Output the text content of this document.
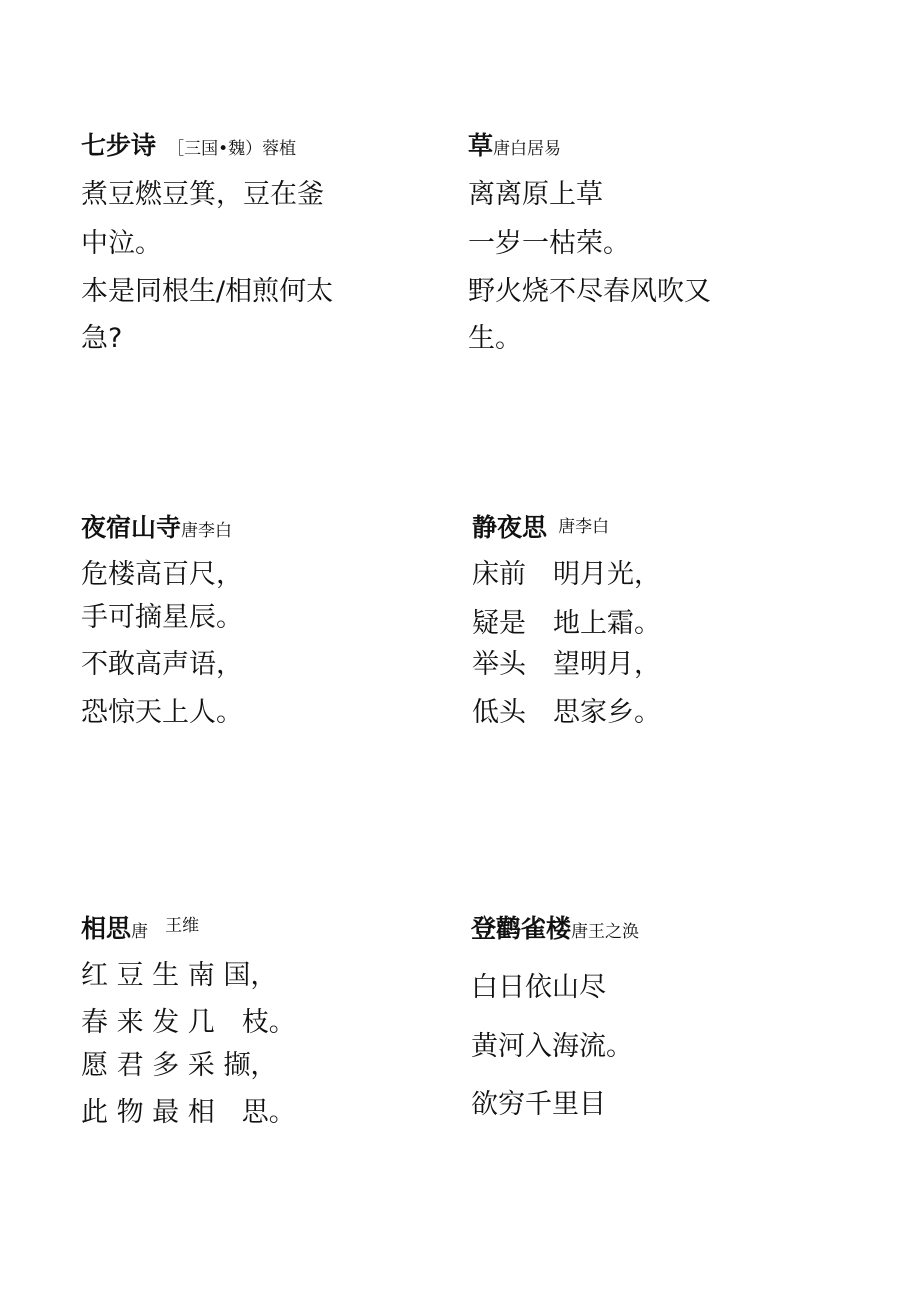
七步诗 ［三国•魏）蓉植
煮豆燃豆箕，豆在釜
中泣。
本是同根生/相煎何太
急?
草唐白居易
离离原上草
一岁一枯荣。
野火烧不尽春风吹又
生。
夜宿山寺唐李白
危楼高百尺，
手可摘星辰。
不敢高声语，
恐惊天上人。
静夜思 唐李白
床前　明月光，
疑是　地上霜。
举头　望明月，
低头　思家乡。
相思唐 王维
红 豆 生 南 国，
春 来 发 几　枝。
愿 君 多 采 撷，
此 物 最 相　思。
登鹳雀楼唐王之涣
白日依山尽
黄河入海流。
欲穷千里目
